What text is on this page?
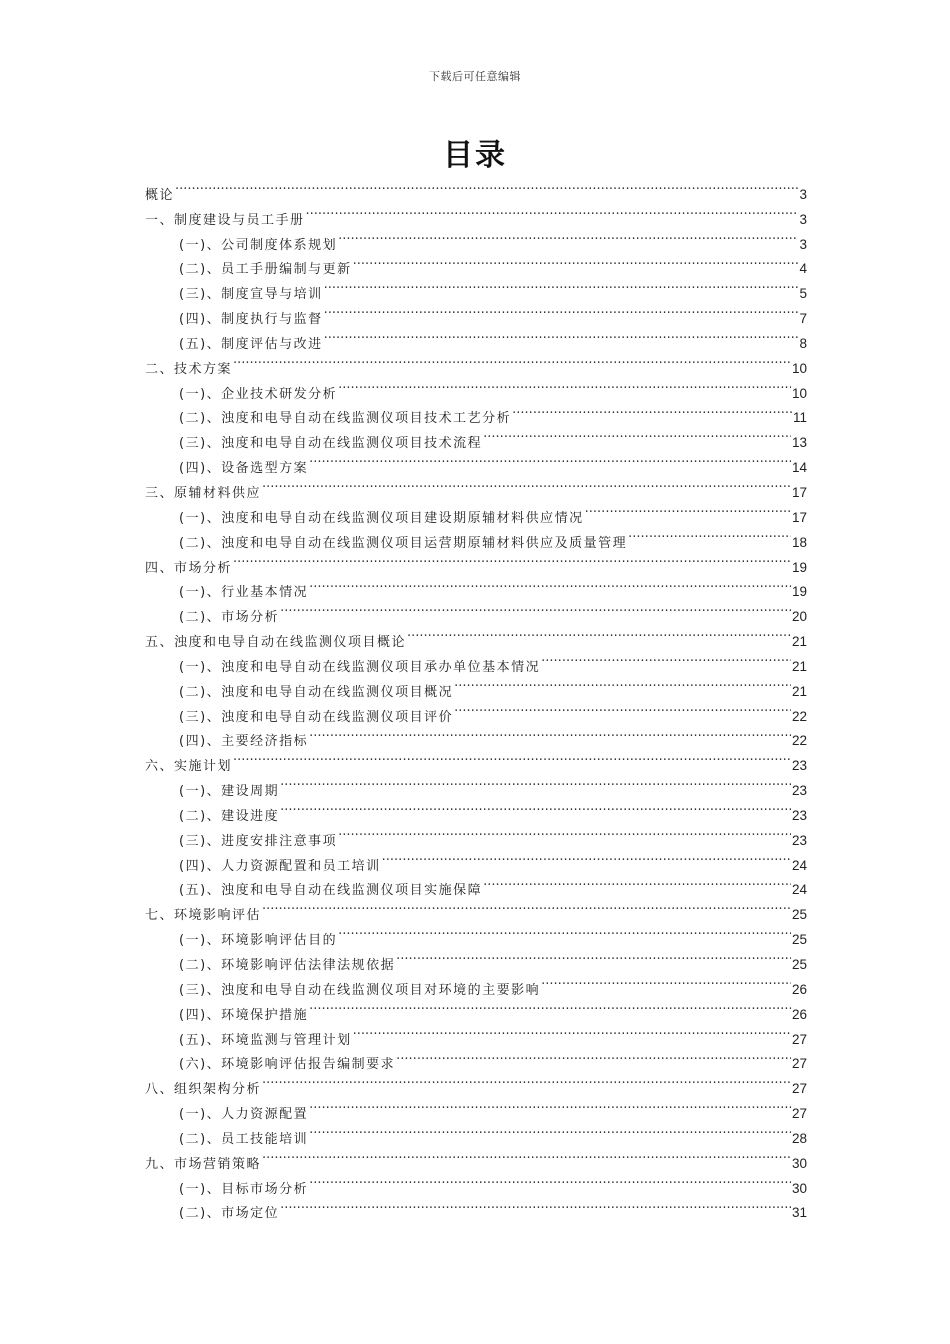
下载后可任意编辑
目录
概论 .....	3
一、制度建设与员工手册 .....	3
(一)、公司制度体系规划 .....	3
(二)、员工手册编制与更新 .....	4
(三)、制度宣导与培训 .....	5
(四)、制度执行与监督 .....	7
(五)、制度评估与改进 .....	8
二、技术方案 .....	10
(一)、企业技术研发分析 .....	10
(二)、浊度和电导自动在线监测仪项目技术工艺分析 .....	11
(三)、浊度和电导自动在线监测仪项目技术流程 .....	13
(四)、设备选型方案 .....	14
三、原辅材料供应 .....	17
(一)、浊度和电导自动在线监测仪项目建设期原辅材料供应情况 .....	17
(二)、浊度和电导自动在线监测仪项目运营期原辅材料供应及质量管理 .....	18
四、市场分析 .....	19
(一)、行业基本情况 .....	19
(二)、市场分析 .....	20
五、浊度和电导自动在线监测仪项目概论 .....	21
(一)、浊度和电导自动在线监测仪项目承办单位基本情况 .....	21
(二)、浊度和电导自动在线监测仪项目概况 .....	21
(三)、浊度和电导自动在线监测仪项目评价 .....	22
(四)、主要经济指标 .....	22
六、实施计划 .....	23
(一)、建设周期 .....	23
(二)、建设进度 .....	23
(三)、进度安排注意事项 .....	23
(四)、人力资源配置和员工培训 .....	24
(五)、浊度和电导自动在线监测仪项目实施保障 .....	24
七、环境影响评估 .....	25
(一)、环境影响评估目的 .....	25
(二)、环境影响评估法律法规依据 .....	25
(三)、浊度和电导自动在线监测仪项目对环境的主要影响 .....	26
(四)、环境保护措施 .....	26
(五)、环境监测与管理计划 .....	27
(六)、环境影响评估报告编制要求 .....	27
八、组织架构分析 .....	27
(一)、人力资源配置 .....	27
(二)、员工技能培训 .....	28
九、市场营销策略 .....	30
(一)、目标市场分析 .....	30
(二)、市场定位 .....	31
